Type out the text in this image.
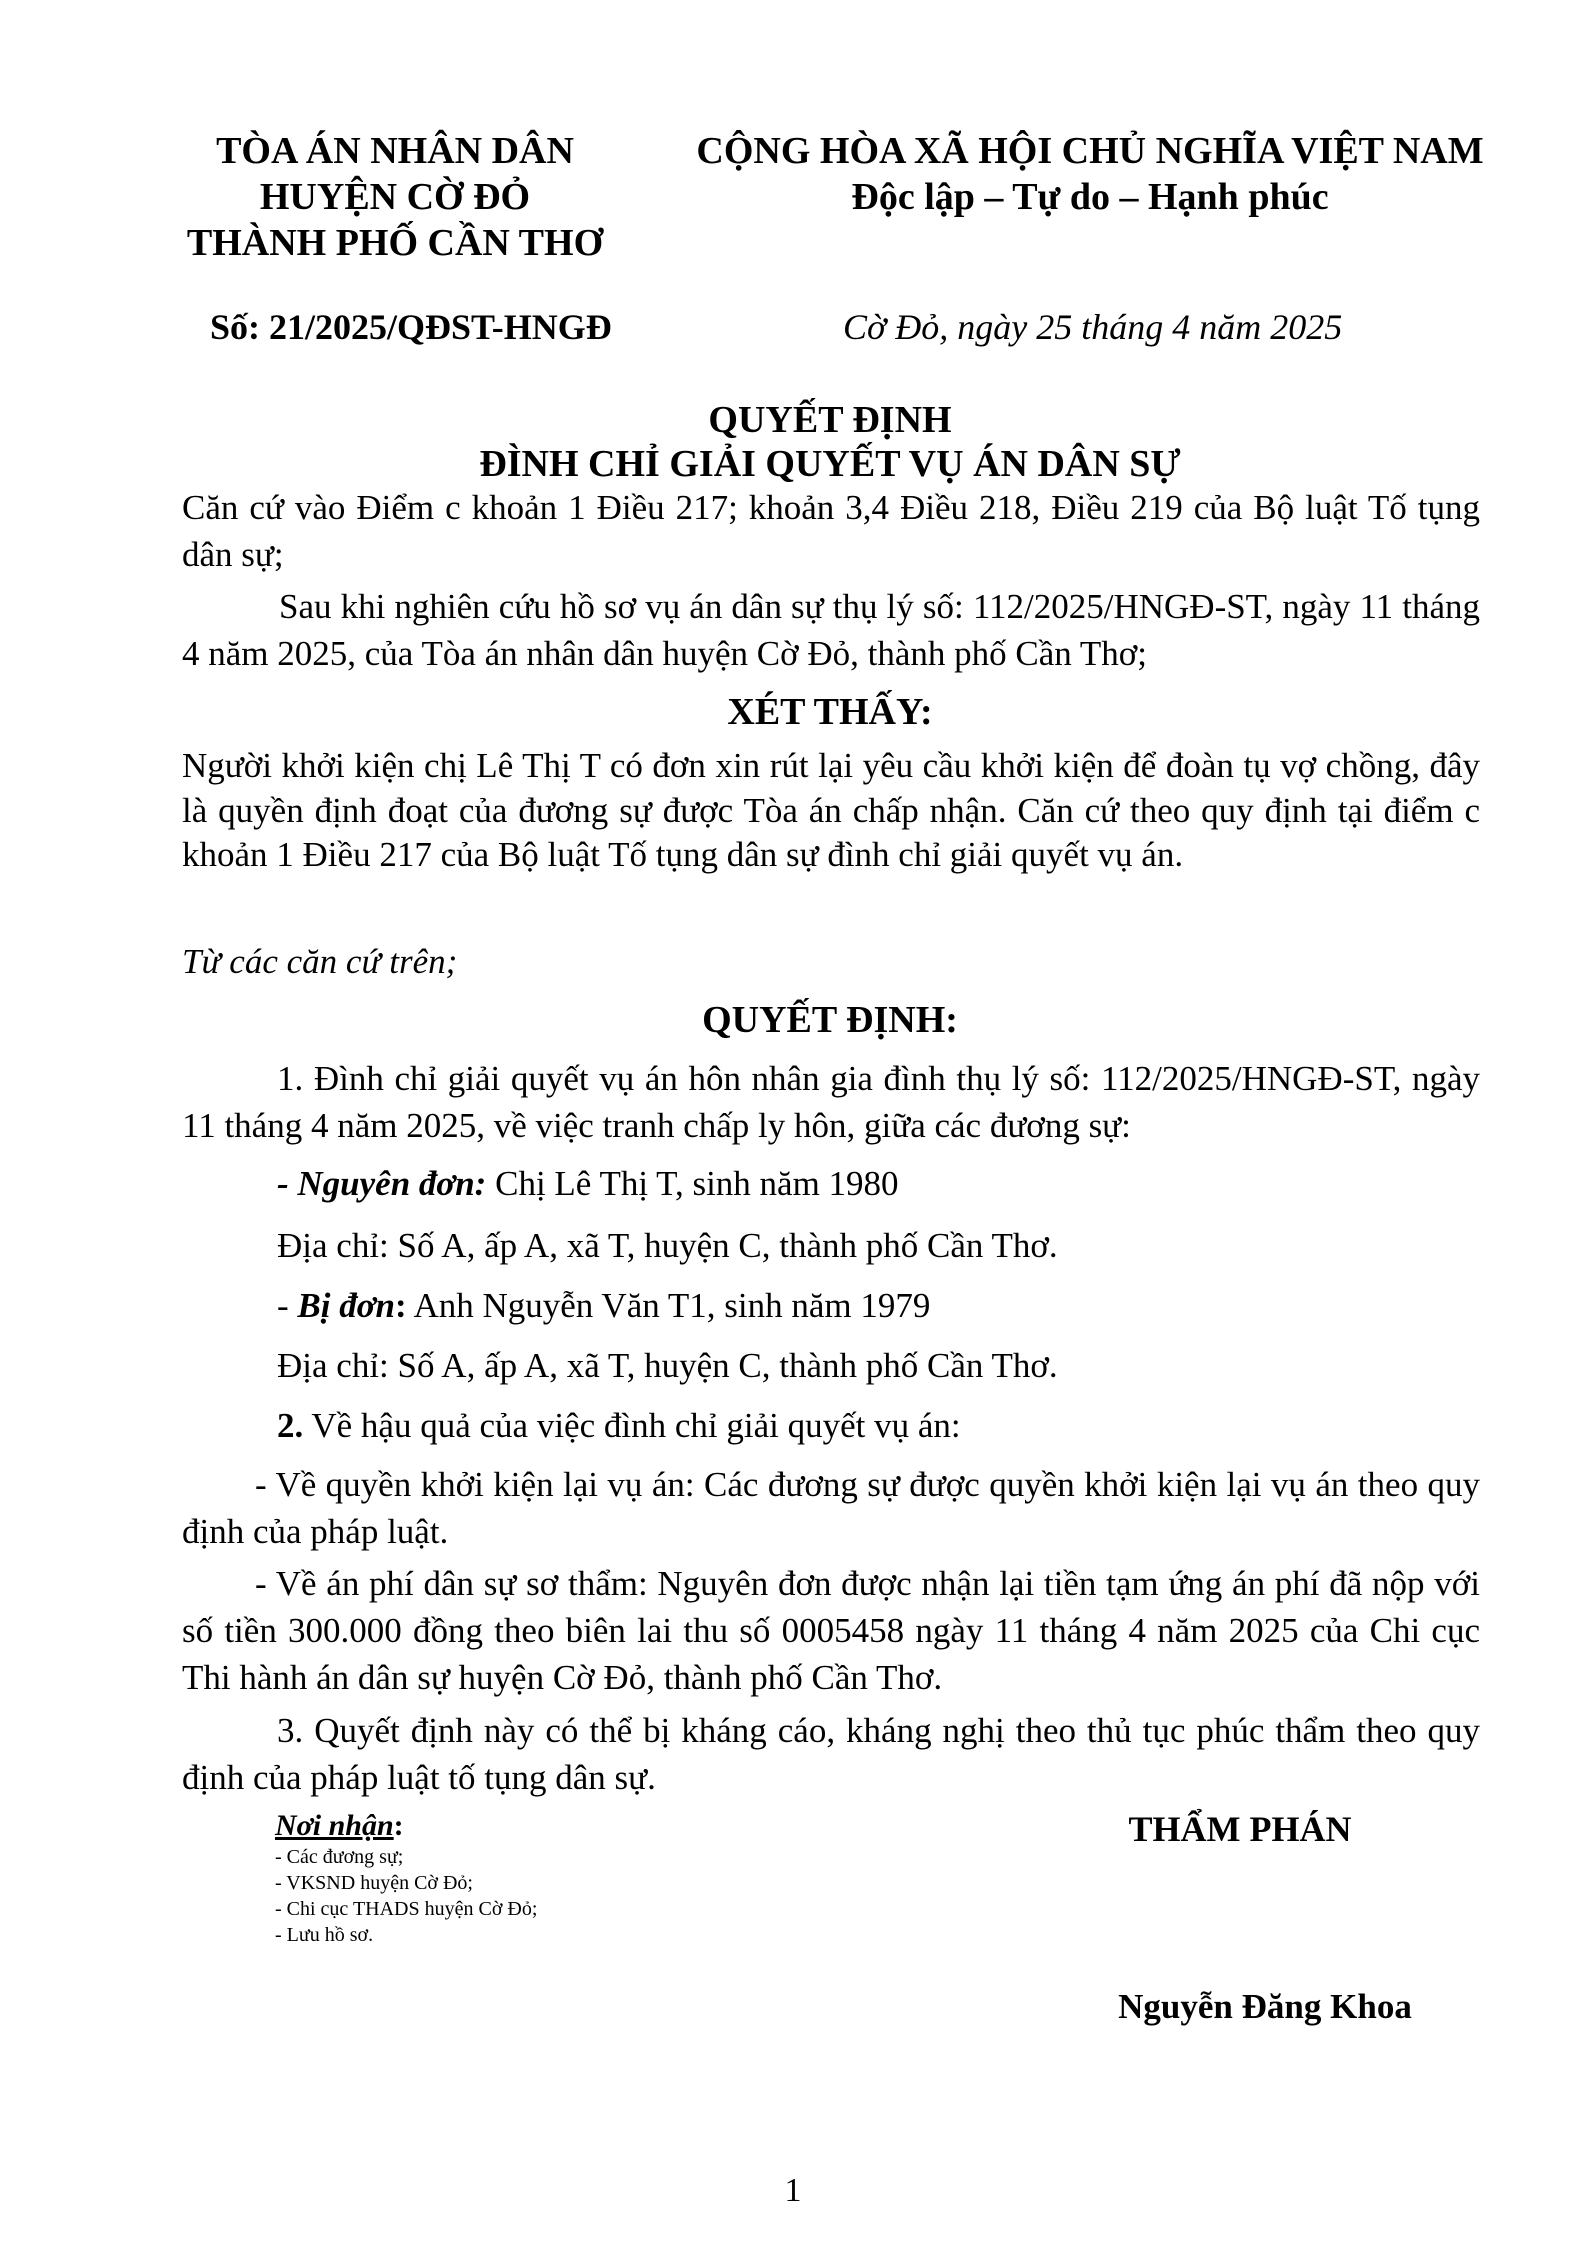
TÒA ÁN NHÂN DÂN
HUYỆN CỜ ĐỎ
THÀNH PHỐ CẦN THƠ
CỘNG HÒA XÃ HỘI CHỦ NGHĨA VIỆT NAM
Độc lập – Tự do – Hạnh phúc
Số: 21/2025/QĐST-HNGĐ	Cờ Đỏ, ngày 25 tháng 4 năm 2025
QUYẾT ĐỊNH
ĐÌNH CHỈ GIẢI QUYẾT VỤ ÁN DÂN SỰ
Căn cứ vào Điểm c khoản 1 Điều 217; khoản 3,4 Điều 218, Điều 219 của Bộ luật Tố tụng dân sự;
Sau khi nghiên cứu hồ sơ vụ án dân sự thụ lý số: 112/2025/HNGĐ-ST, ngày 11 tháng 4 năm 2025, của Tòa án nhân dân huyện Cờ Đỏ, thành phố Cần Thơ;
XÉT THẤY:
Người khởi kiện chị Lê Thị T có đơn xin rút lại yêu cầu khởi kiện để đoàn tụ vợ chồng, đây là quyền định đoạt của đương sự được Tòa án chấp nhận. Căn cứ theo quy định tại điểm c khoản 1 Điều 217 của Bộ luật Tố tụng dân sự đình chỉ giải quyết vụ án.
Từ các căn cứ trên;
QUYẾT ĐỊNH:
1. Đình chỉ giải quyết vụ án hôn nhân gia đình thụ lý số: 112/2025/HNGĐ-ST, ngày 11 tháng 4 năm 2025, về việc tranh chấp ly hôn, giữa các đương sự:
- Nguyên đơn: Chị Lê Thị T, sinh năm 1980
Địa chỉ: Số A, ấp A, xã T, huyện C, thành phố Cần Thơ.
- Bị đơn: Anh Nguyễn Văn T1, sinh năm 1979
Địa chỉ: Số A, ấp A, xã T, huyện C, thành phố Cần Thơ.
2. Về hậu quả của việc đình chỉ giải quyết vụ án:
- Về quyền khởi kiện lại vụ án: Các đương sự được quyền khởi kiện lại vụ án theo quy định của pháp luật.
- Về án phí dân sự sơ thẩm: Nguyên đơn được nhận lại tiền tạm ứng án phí đã nộp với số tiền 300.000 đồng theo biên lai thu số 0005458 ngày 11 tháng 4 năm 2025 của Chi cục Thi hành án dân sự huyện Cờ Đỏ, thành phố Cần Thơ.
3. Quyết định này có thể bị kháng cáo, kháng nghị theo thủ tục phúc thẩm theo quy định của pháp luật tố tụng dân sự.
Nơi nhận:
- Các đương sự;
- VKSND huyện Cờ Đỏ;
- Chi cục THADS huyện Cờ Đỏ;
- Lưu hồ sơ.
THẨM PHÁN
Nguyễn Đăng Khoa
1
